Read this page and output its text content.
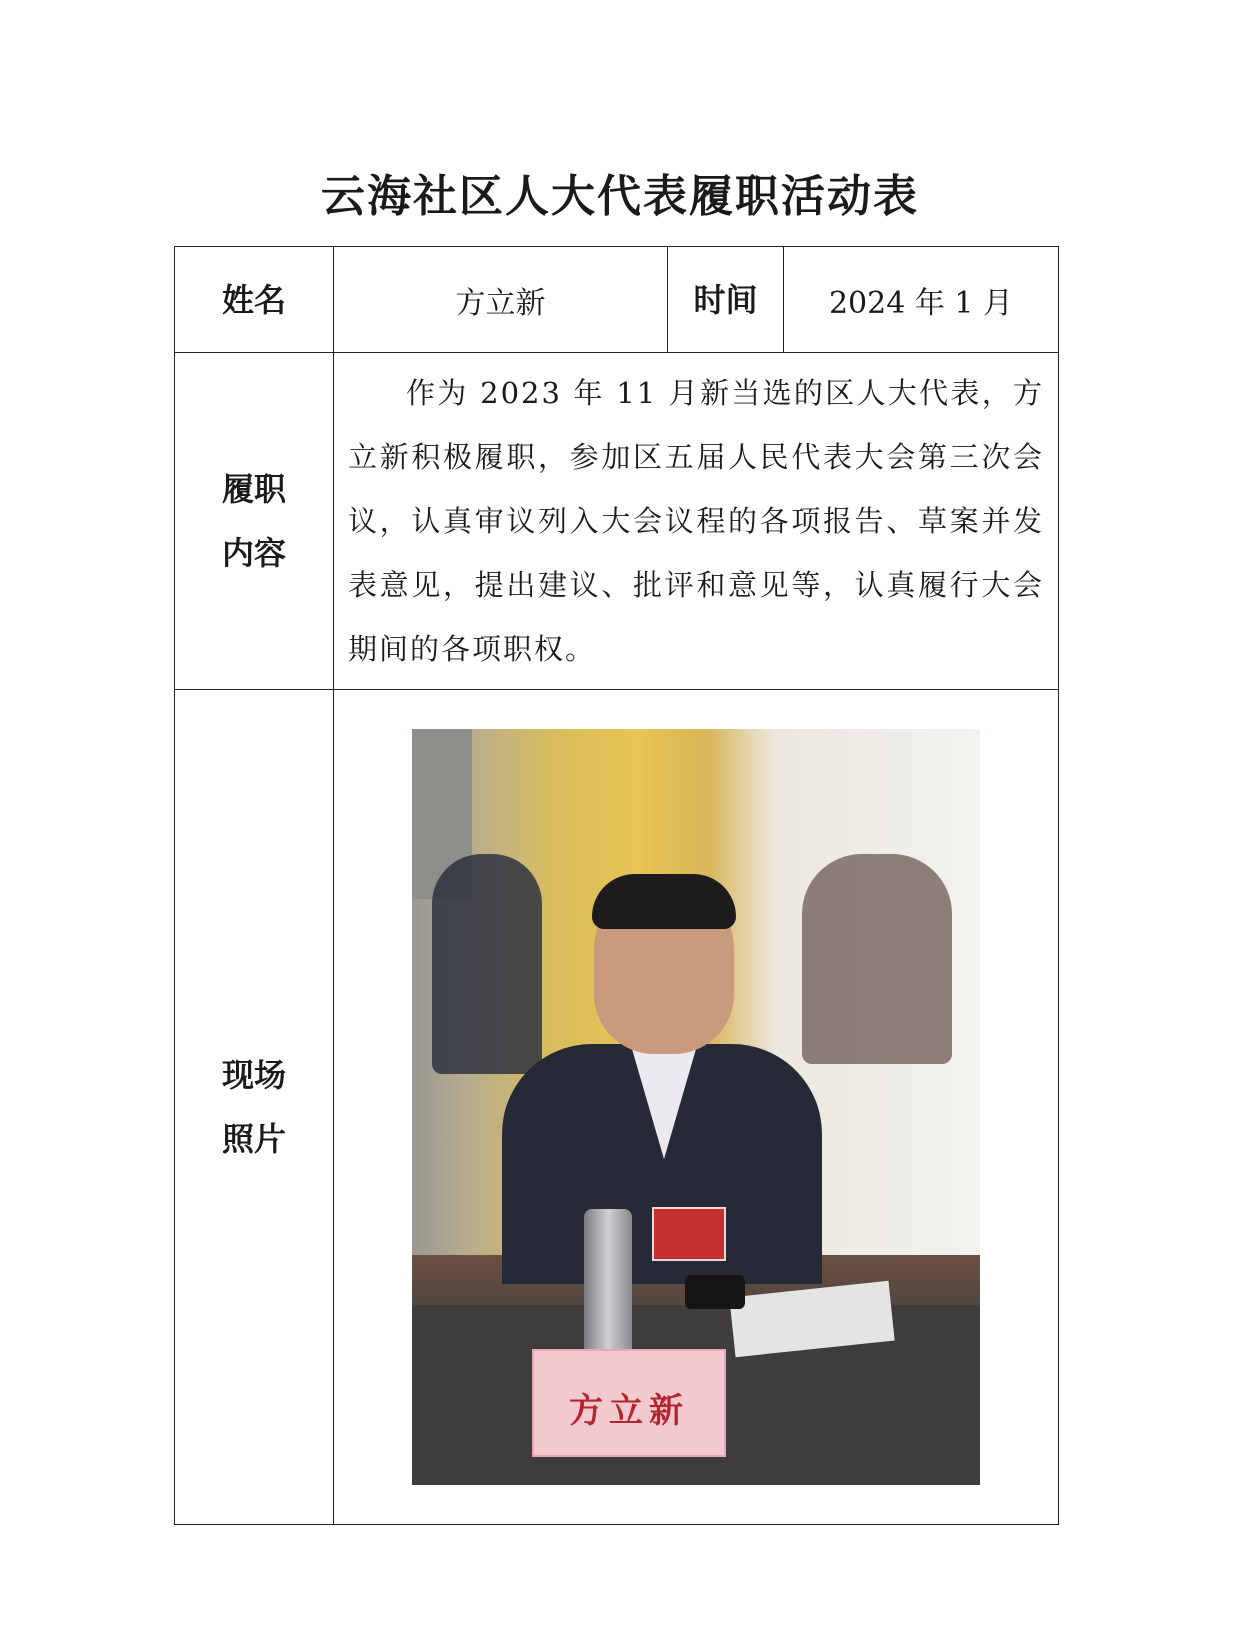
云海社区人大代表履职活动表
姓名	方立新	时间	2024 年 1 月

履职
内容	作为 2023 年 11 月新当选的区人大代表，方立新积极履职，参加区五届人民代表大会第三次会议，认真审议列入大会议程的各项报告、草案并发表意见，提出建议、批评和意见等，认真履行大会期间的各项职权。		

现场
照片	方立新		
